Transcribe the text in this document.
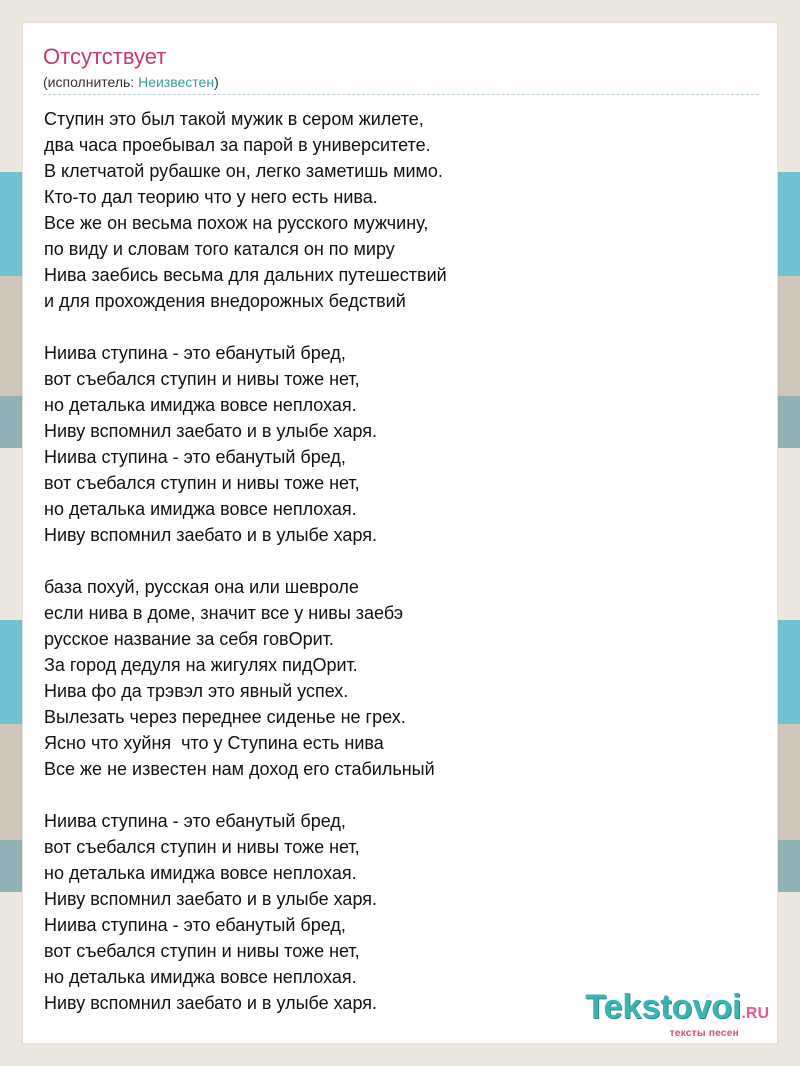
Отсутствует
(исполнитель: Неизвестен)
Ступин это был такой мужик в сером жилете,
два часа проебывал за парой в университете.
В клетчатой рубашке он, легко заметишь мимо.
Кто-то дал теорию что у него есть нива.
Все же он весьма похож на русского мужчину,
по виду и словам того катался он по миру
Нива заебись весьма для дальних путешествий
и для прохождения внедорожных бедствий
Ниива ступина - это ебанутый бред,
вот съебался ступин и нивы тоже нет,
но деталька имиджа вовсе неплохая.
Ниву вспомнил заебато и в улыбе харя.
Ниива ступина - это ебанутый бред,
вот съебался ступин и нивы тоже нет,
но деталька имиджа вовсе неплохая.
Ниву вспомнил заебато и в улыбе харя.
база похуй, русская она или шевроле
если нива в доме, значит все у нивы заебэ
русское название за себя говОрит.
За город дедуля на жигулях пидОрит.
Нива фо да трэвэл это явный успех.
Вылезать через переднее сиденье не грех.
Ясно что хуйня  что у Ступина есть нива
Все же не известен нам доход его стабильный
Ниива ступина - это ебанутый бред,
вот съебался ступин и нивы тоже нет,
но деталька имиджа вовсе неплохая.
Ниву вспомнил заебато и в улыбе харя.
Ниива ступина - это ебанутый бред,
вот съебался ступин и нивы тоже нет,
но деталька имиджа вовсе неплохая.
Ниву вспомнил заебато и в улыбе харя.	Tekstovoi.RU
тексты песен
